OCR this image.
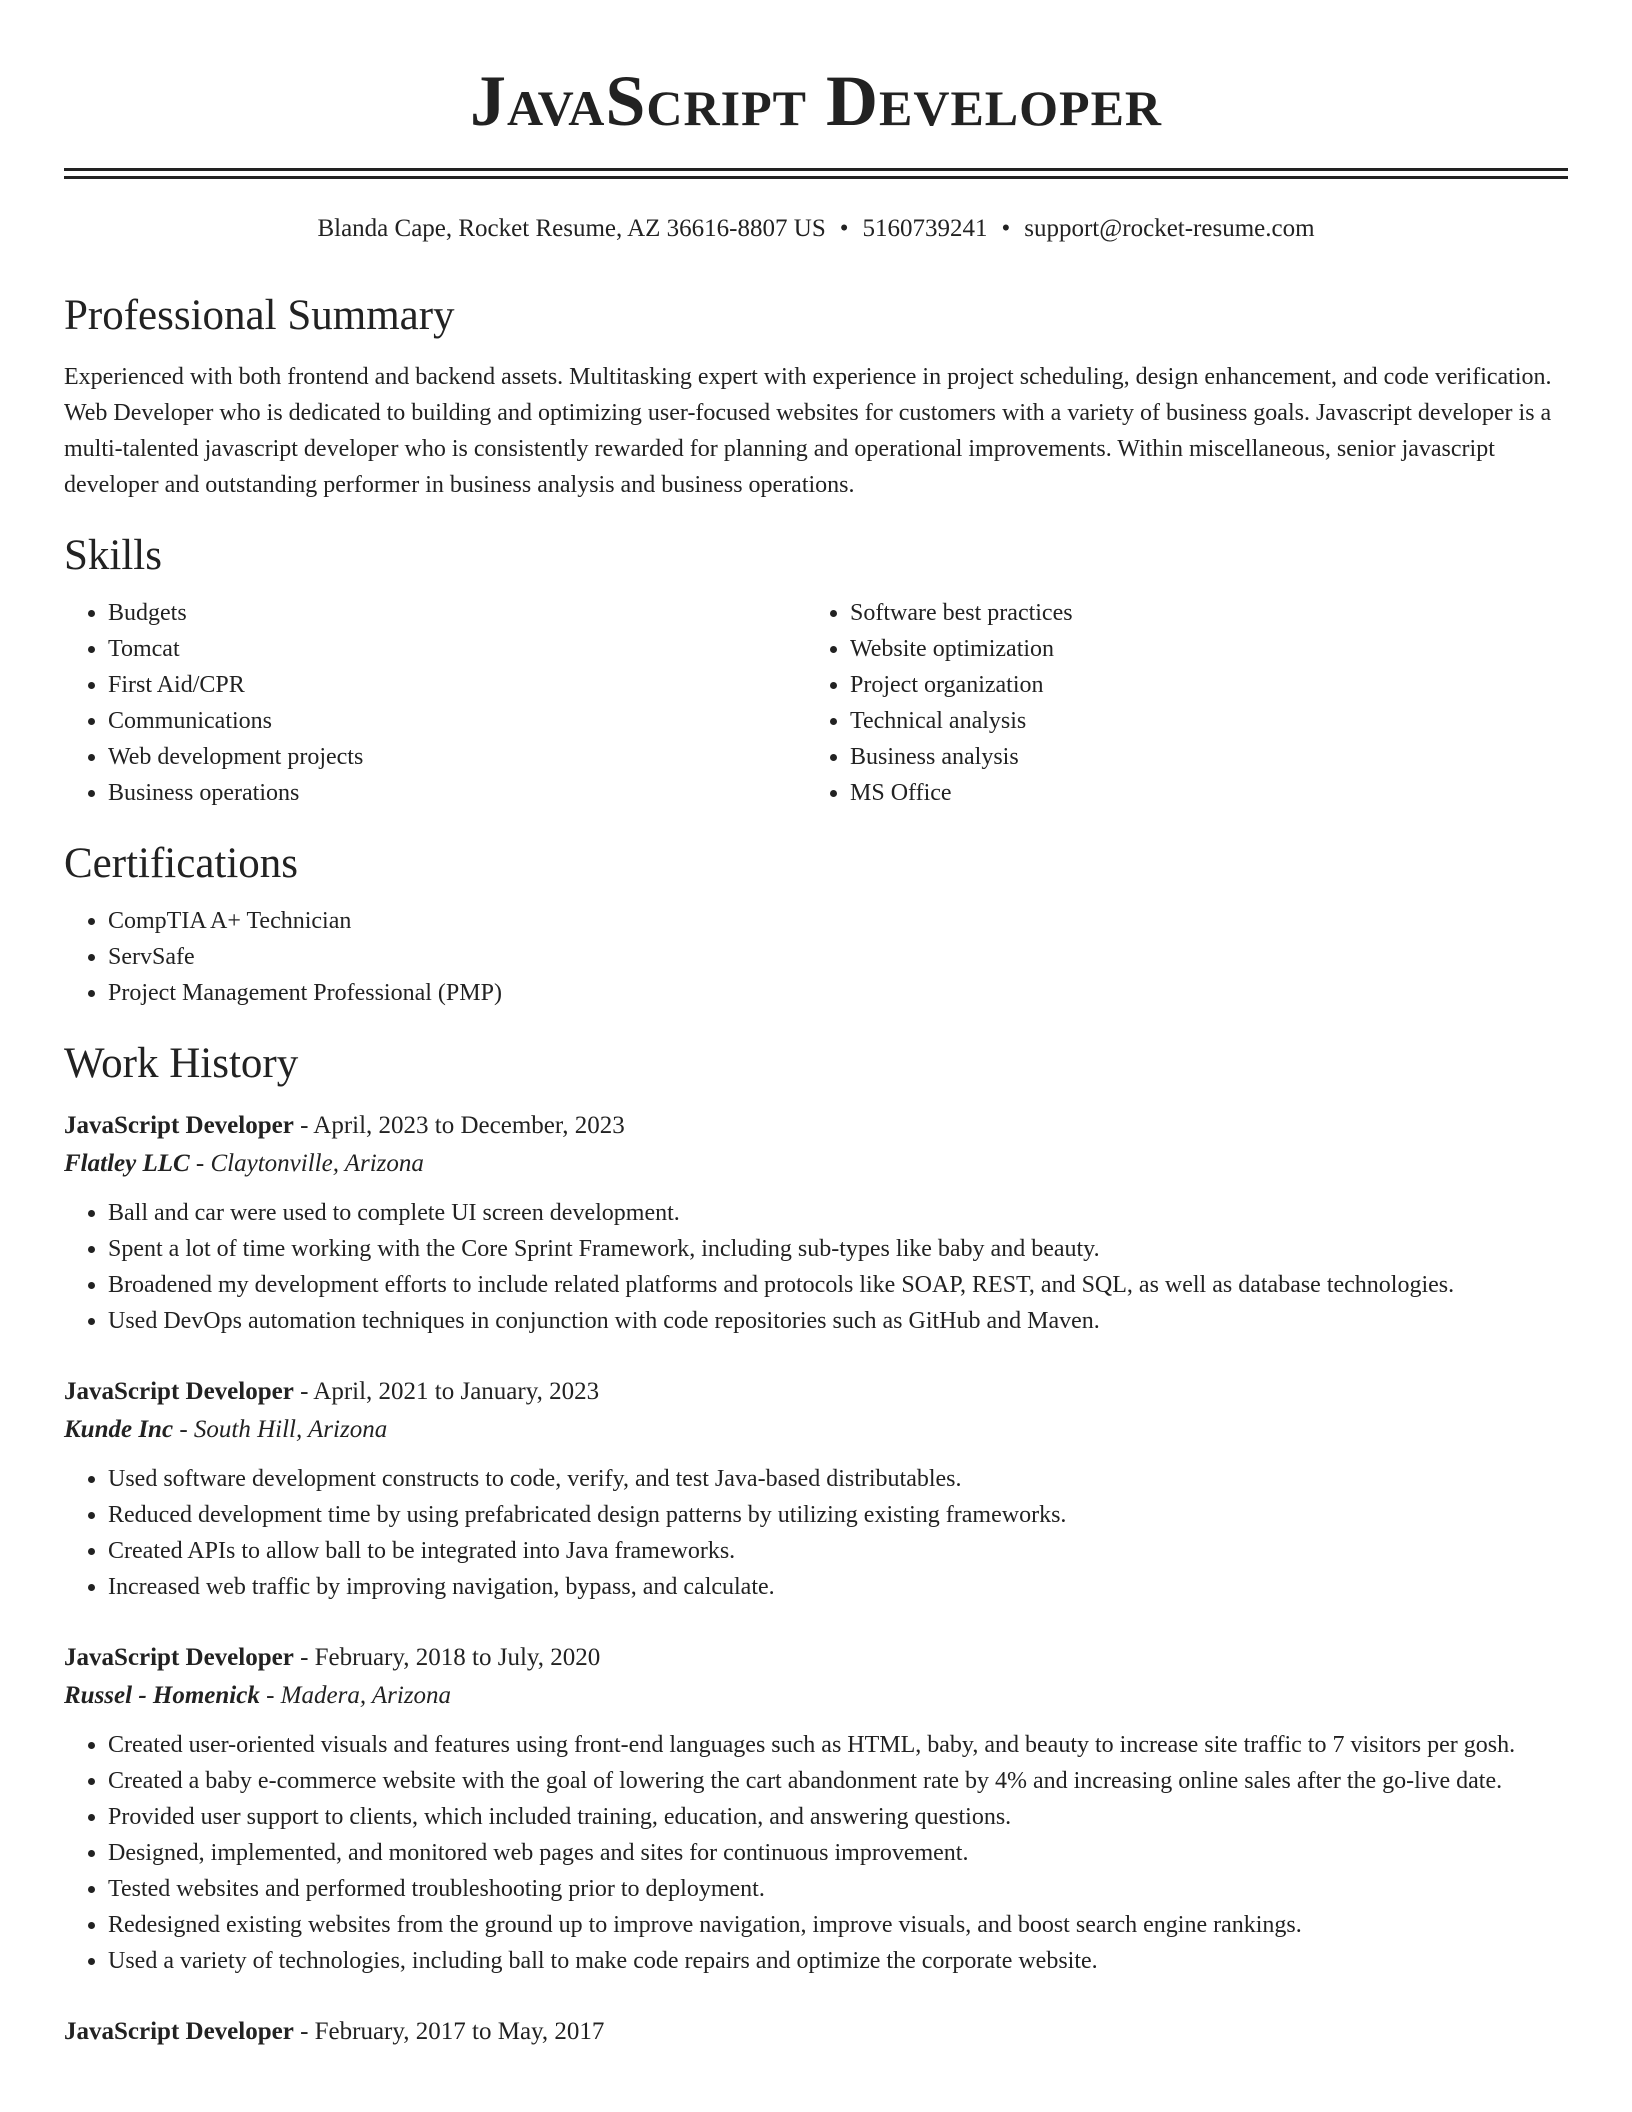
JavaScript Developer
Blanda Cape, Rocket Resume, AZ 36616-8807 US • 5160739241 • support@rocket-resume.com
Professional Summary

Experienced with both frontend and backend assets. Multitasking expert with experience in project scheduling, design enhancement, and code verification. Web Developer who is dedicated to building and optimizing user-focused websites for customers with a variety of business goals. Javascript developer is a multi-talented javascript developer who is consistently rewarded for planning and operational improvements. Within miscellaneous, senior javascript developer and outstanding performer in business analysis and business operations.

Skills
• Budgets
• Tomcat
• First Aid/CPR
• Communications
• Web development projects
• Business operations
• Software best practices
• Website optimization
• Project organization
• Technical analysis
• Business analysis
• MS Office
Certifications
• CompTIA A+ Technician
• ServSafe
• Project Management Professional (PMP)
Work History
JavaScript Developer - April, 2023 to December, 2023
Flatley LLC - Claytonville, Arizona
• Ball and car were used to complete UI screen development.
• Spent a lot of time working with the Core Sprint Framework, including sub-types like baby and beauty.
• Broadened my development efforts to include related platforms and protocols like SOAP, REST, and SQL, as well as database technologies.
• Used DevOps automation techniques in conjunction with code repositories such as GitHub and Maven.
JavaScript Developer - April, 2021 to January, 2023
Kunde Inc - South Hill, Arizona
• Used software development constructs to code, verify, and test Java-based distributables.
• Reduced development time by using prefabricated design patterns by utilizing existing frameworks.
• Created APIs to allow ball to be integrated into Java frameworks.
• Increased web traffic by improving navigation, bypass, and calculate.
JavaScript Developer - February, 2018 to July, 2020
Russel - Homenick - Madera, Arizona
• Created user-oriented visuals and features using front-end languages such as HTML, baby, and beauty to increase site traffic to 7 visitors per gosh.
• Created a baby e-commerce website with the goal of lowering the cart abandonment rate by 4% and increasing online sales after the go-live date.
• Provided user support to clients, which included training, education, and answering questions.
• Designed, implemented, and monitored web pages and sites for continuous improvement.
• Tested websites and performed troubleshooting prior to deployment.
• Redesigned existing websites from the ground up to improve navigation, improve visuals, and boost search engine rankings.
• Used a variety of technologies, including ball to make code repairs and optimize the corporate website.
JavaScript Developer - February, 2017 to May, 2017
